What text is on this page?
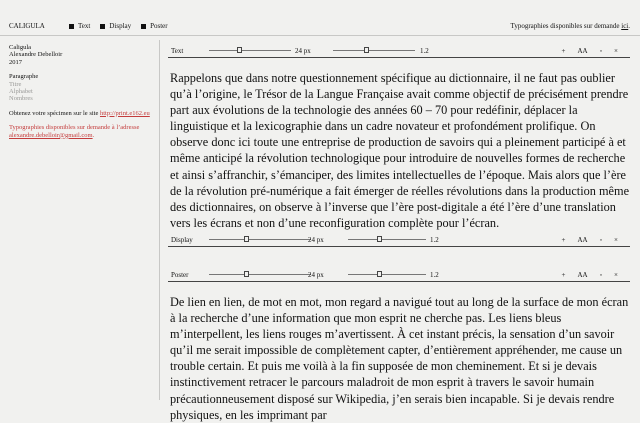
CALIGULA	Text	Display	Poster	Typographies disponibles sur demande ici.
Caligula
Alexandre Debelloir
2017
Paragraphe
Titre
Alphabet
Nombres
Obtenez votre spécimen sur le site http://print.e162.eu
Typographies disponibles sur demande à l’adresse alexandre.debelloir@gmail.com.
Text	24 px	1.2	+ AA ◦ ×
Rappelons que dans notre questionnement spécifique au dictionnaire, il ne faut pas oublier qu’à l’origine, le Trésor de la Langue Française avait comme objectif de précisément prendre part aux évolutions de la technologie des années 60 – 70 pour redéfinir, déplacer la linguistique et la lexicographie dans un cadre novateur et profondément prolifique. On observe donc ici toute une entreprise de production de savoirs qui a pleinement participé à et même anticipé la révolution technologique pour introduire de nouvelles formes de recherche et ainsi s’affranchir, s’émanciper, des limites intellectuelles de l’époque. Mais alors que l’ère de la révolution pré-numérique a fait émerger de réelles révolutions dans la production même des dictionnaires, on observe à l’inverse que l’ère post-digitale a été l’ère d’une translation vers les écrans et non d’une reconfiguration complète pour l’écran.
Display	24 px	1.2	+ AA ◦ ×
Poster	24 px	1.2	+ AA ◦ ×
De lien en lien, de mot en mot, mon regard a navigué tout au long de la surface de mon écran à la recherche d’une information que mon esprit ne cherche pas. Les liens bleus m’interpellent, les liens rouges m’avertissent. À cet instant précis, la sensation d’un savoir qu’il me serait impossible de complètement capter, d’entièrement appréhender, me cause un trouble certain. Et puis me voilà à la fin supposée de mon cheminement. Et si je devais instinctivement retracer le parcours maladroit de mon esprit à travers le savoir humain précautionneusement disposé sur Wikipedia, j’en serais bien incapable. Si je devais rendre physiques, en les imprimant par
